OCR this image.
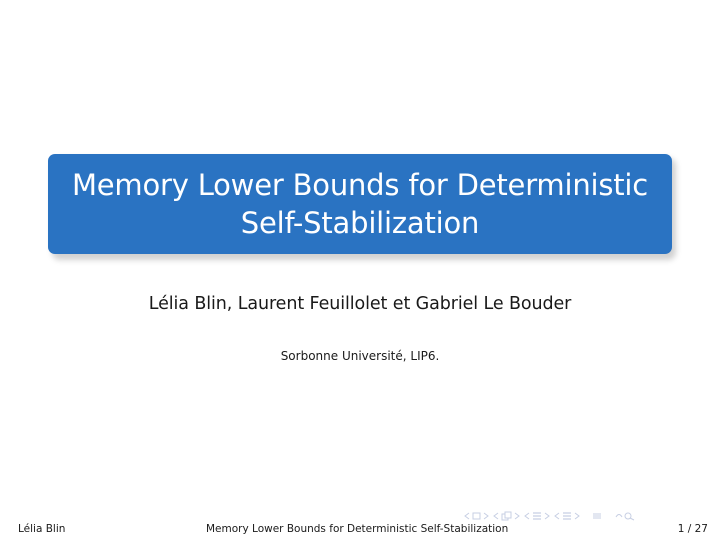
Memory Lower Bounds for Deterministic
Self-Stabilization
Lélia Blin, Laurent Feuillolet et Gabriel Le Bouder
Sorbonne Université, LIP6.
Lélia Blin	Memory Lower Bounds for Deterministic Self-Stabilization	1 / 27
